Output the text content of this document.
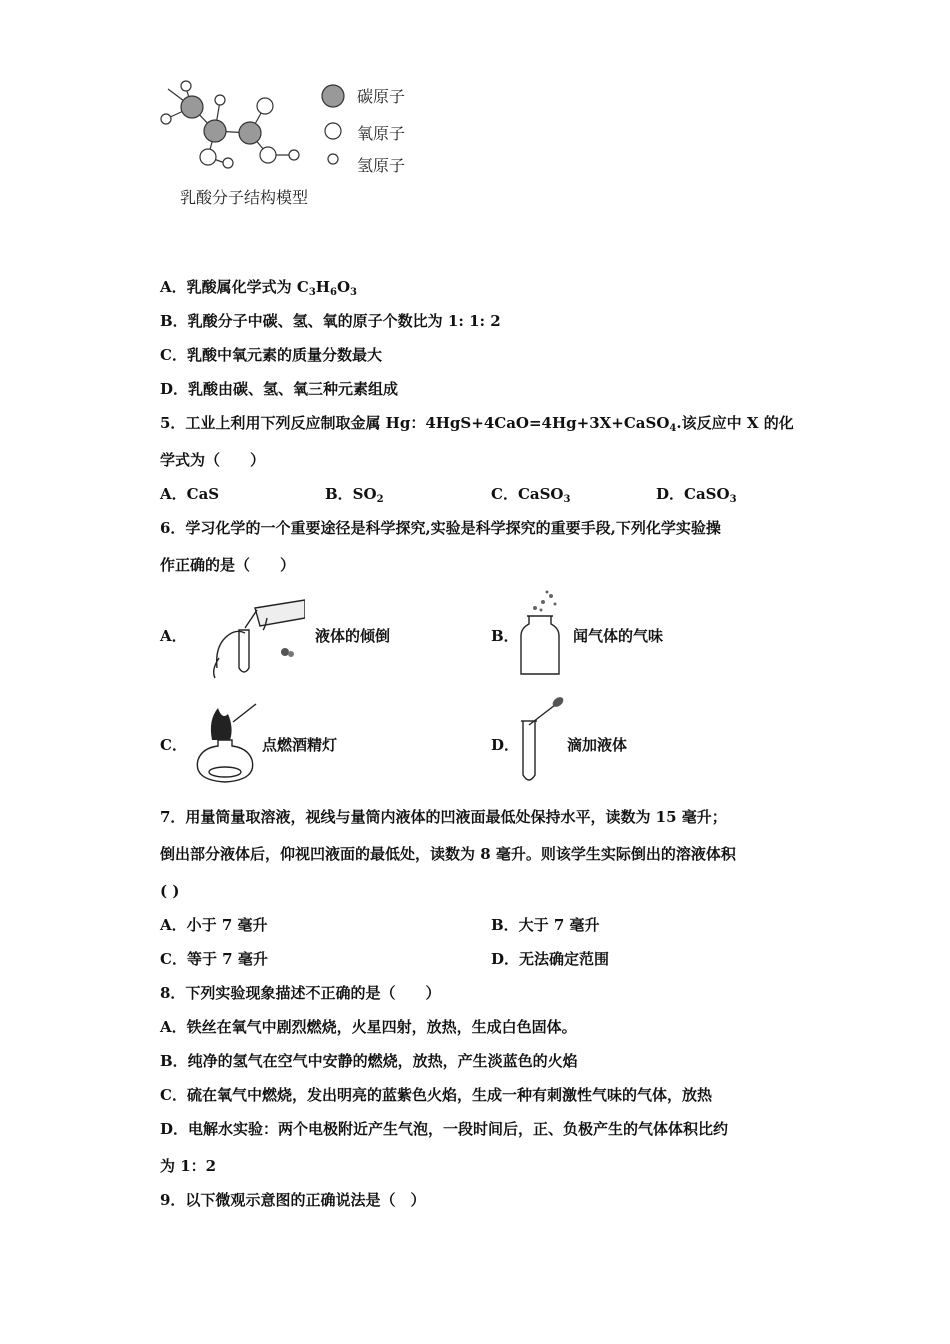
碳原子
氧原子
氢原子
乳酸分子结构模型
A．乳酸属化学式为 $C_3H_6O_3$
B．乳酸分子中碳、氢、氧的原子个数比为 1: 1: 2
C．乳酸中氧元素的质量分数最大
D．乳酸由碳、氢、氧三种元素组成
5．工业上利用下列反应制取金属 Hg：4HgS+4CaO=4Hg+3X+CaSO$_4$.该反应中 X 的化
学式为（　　）
A．CaS	B．$SO_2$	C．CaSO$_3$	D．CaSO$_3$
6．学习化学的一个重要途径是科学探究,实验是科学探究的重要手段,下列化学实验操
作正确的是（　　）
A．	液体的倾倒	B．	闻气体的气味
C．	点燃酒精灯	D．	滴加液体
7．用量筒量取溶液，视线与量筒内液体的凹液面最低处保持水平，读数为 15 毫升；
倒出部分液体后，仰视凹液面的最低处，读数为 8 毫升。则该学生实际倒出的溶液体积
( )
A．小于 7 毫升	B．大于 7 毫升
C．等于 7 毫升	D．无法确定范围
8．下列实验现象描述不正确的是（　　）
A．铁丝在氧气中剧烈燃烧，火星四射，放热，生成白色固体。
B．纯净的氢气在空气中安静的燃烧，放热，产生淡蓝色的火焰
C．硫在氧气中燃烧，发出明亮的蓝紫色火焰，生成一种有刺激性气味的气体，放热
D．电解水实验：两个电极附近产生气泡，一段时间后，正、负极产生的气体体积比约
为 1：2
9．以下微观示意图的正确说法是（　）
